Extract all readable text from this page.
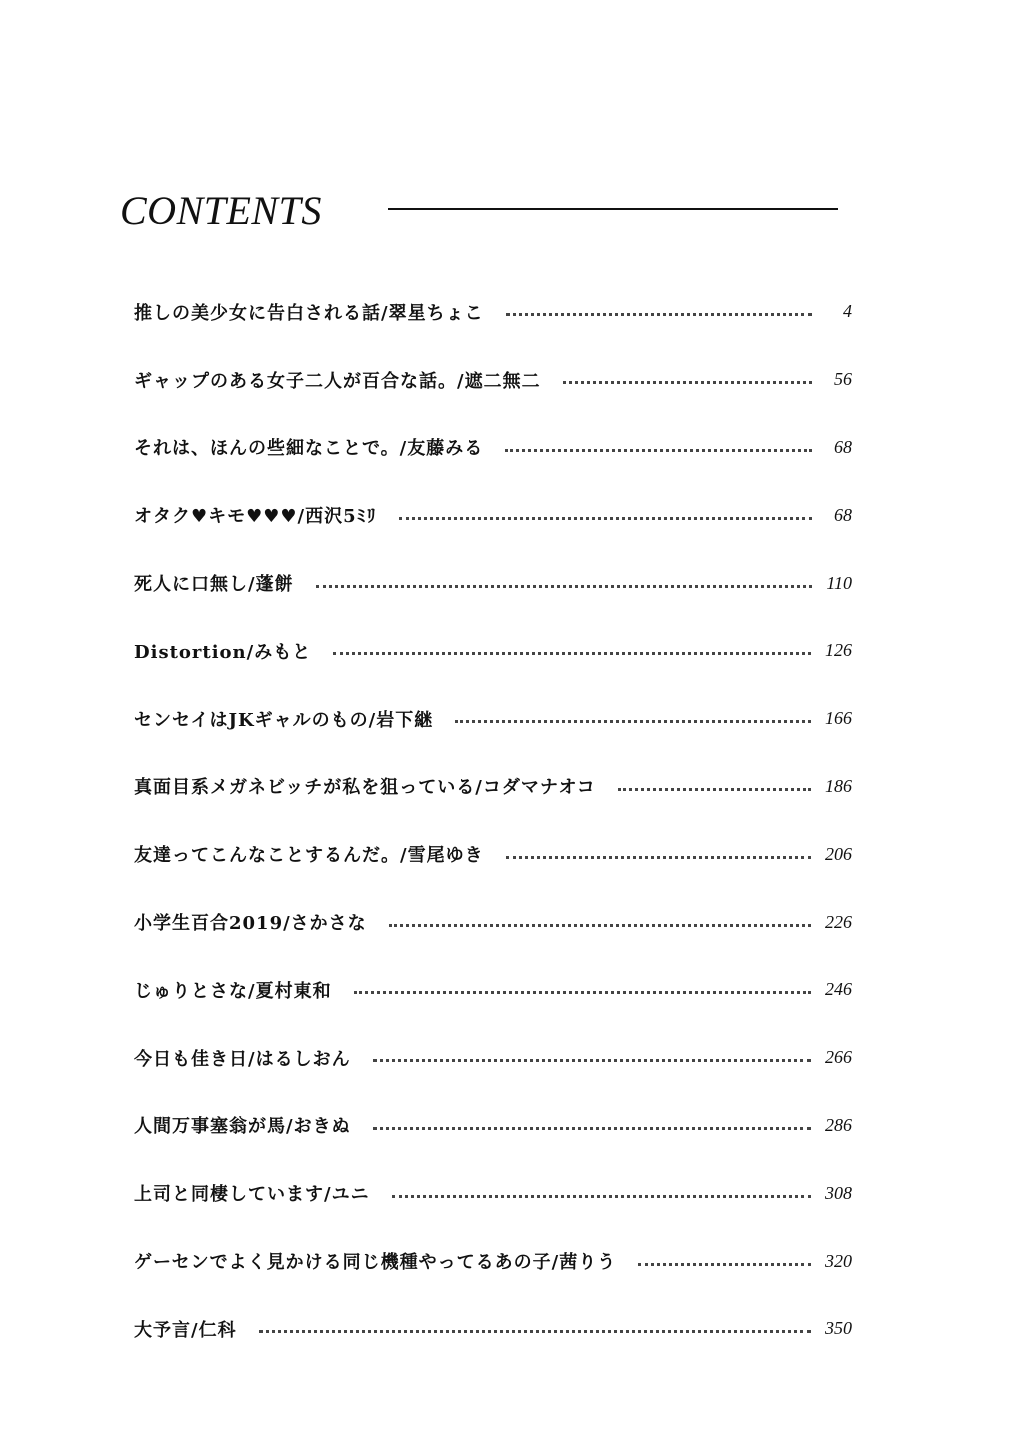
CONTENTS
推しの美少女に告白される話/翠星ちょこ	4
ギャップのある女子二人が百合な話。/遮二無二	56
それは、ほんの些細なことで。/友藤みる	68
オタク♥キモ♥♥♥/西沢5ﾐﾘ	68
死人に口無し/蓬餅	110
Distortion/みもと	126
センセイはJKギャルのもの/岩下継	166
真面目系メガネビッチが私を狙っている/コダマナオコ	186
友達ってこんなことするんだ。/雪尾ゆき	206
小学生百合2019/さかさな	226
じゅりとさな/夏村東和	246
今日も佳き日/はるしおん	266
人間万事塞翁が馬/おきぬ	286
上司と同棲しています/ユニ	308
ゲーセンでよく見かける同じ機種やってるあの子/茜りう	320
大予言/仁科	350
